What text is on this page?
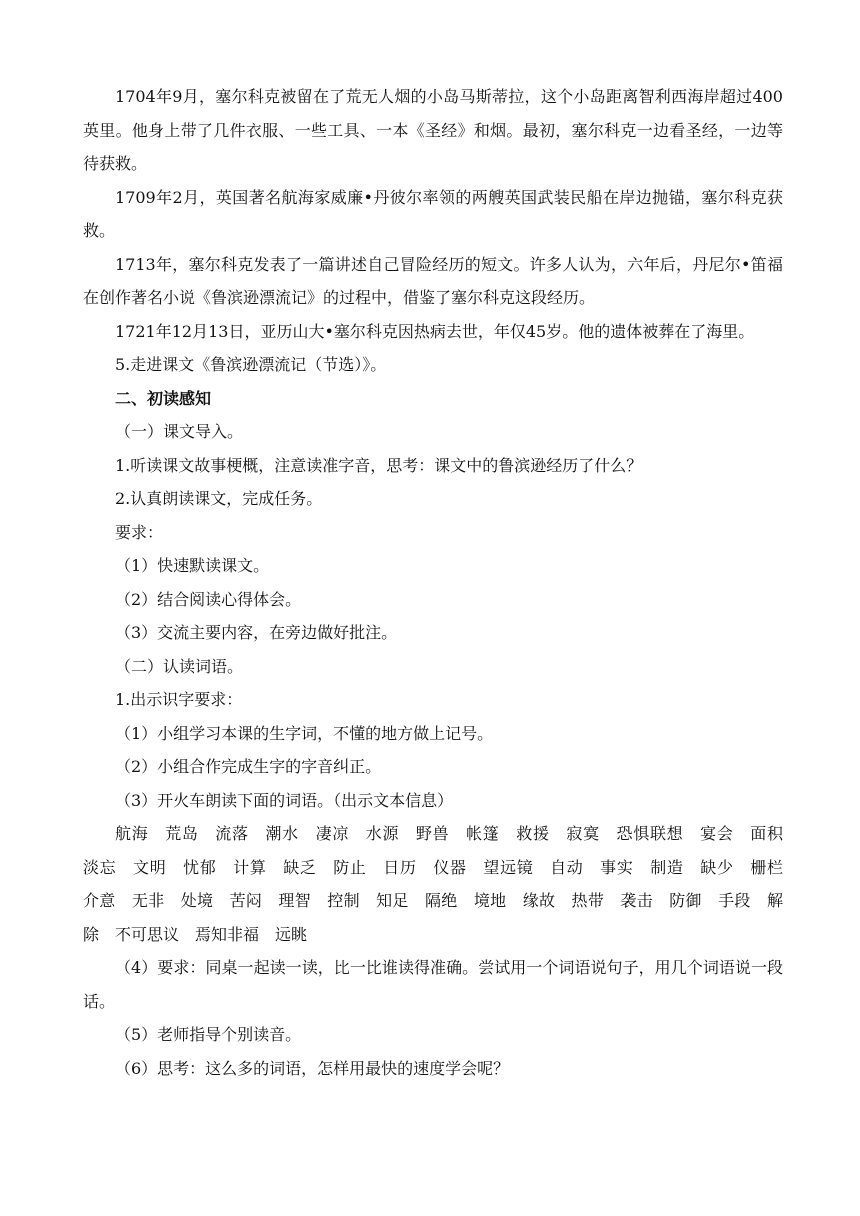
1704年9月，塞尔科克被留在了荒无人烟的小岛马斯蒂拉，这个小岛距离智利西海岸超过400英里。他身上带了几件衣服、一些工具、一本《圣经》和烟。最初，塞尔科克一边看圣经，一边等待获救。

1709年2月，英国著名航海家威廉•丹彼尔率领的两艘英国武装民船在岸边抛锚，塞尔科克获救。

1713年，塞尔科克发表了一篇讲述自己冒险经历的短文。许多人认为，六年后，丹尼尔•笛福在创作著名小说《鲁滨逊漂流记》的过程中，借鉴了塞尔科克这段经历。

1721年12月13日，亚历山大•塞尔科克因热病去世，年仅45岁。他的遗体被葬在了海里。

5.走进课文《鲁滨逊漂流记（节选）》。

二、初读感知

（一）课文导入。

1.听读课文故事梗概，注意读准字音，思考：课文中的鲁滨逊经历了什么？

2.认真朗读课文，完成任务。

要求：

（1）快速默读课文。

（2）结合阅读心得体会。

（3）交流主要内容，在旁边做好批注。

（二）认读词语。

1.出示识字要求：

（1）小组学习本课的生字词，不懂的地方做上记号。

（2）小组合作完成生字的字音纠正。

（3）开火车朗读下面的词语。（出示文本信息）

航海　荒岛　流落　潮水　凄凉　水源　野兽　帐篷　救援　寂寞　恐惧联想　宴会　面积　淡忘　文明　忧郁　计算　缺乏　防止　日历　仪器　望远镜　自动　事实　制造　缺少　栅栏　介意　无非　处境　苦闷　理智　控制　知足　隔绝　境地　缘故　热带　袭击　防御　手段　解除　不可思议　焉知非福　远眺

（4）要求：同桌一起读一读，比一比谁读得准确。尝试用一个词语说句子，用几个词语说一段话。

（5）老师指导个别读音。

（6）思考：这么多的词语，怎样用最快的速度学会呢？
